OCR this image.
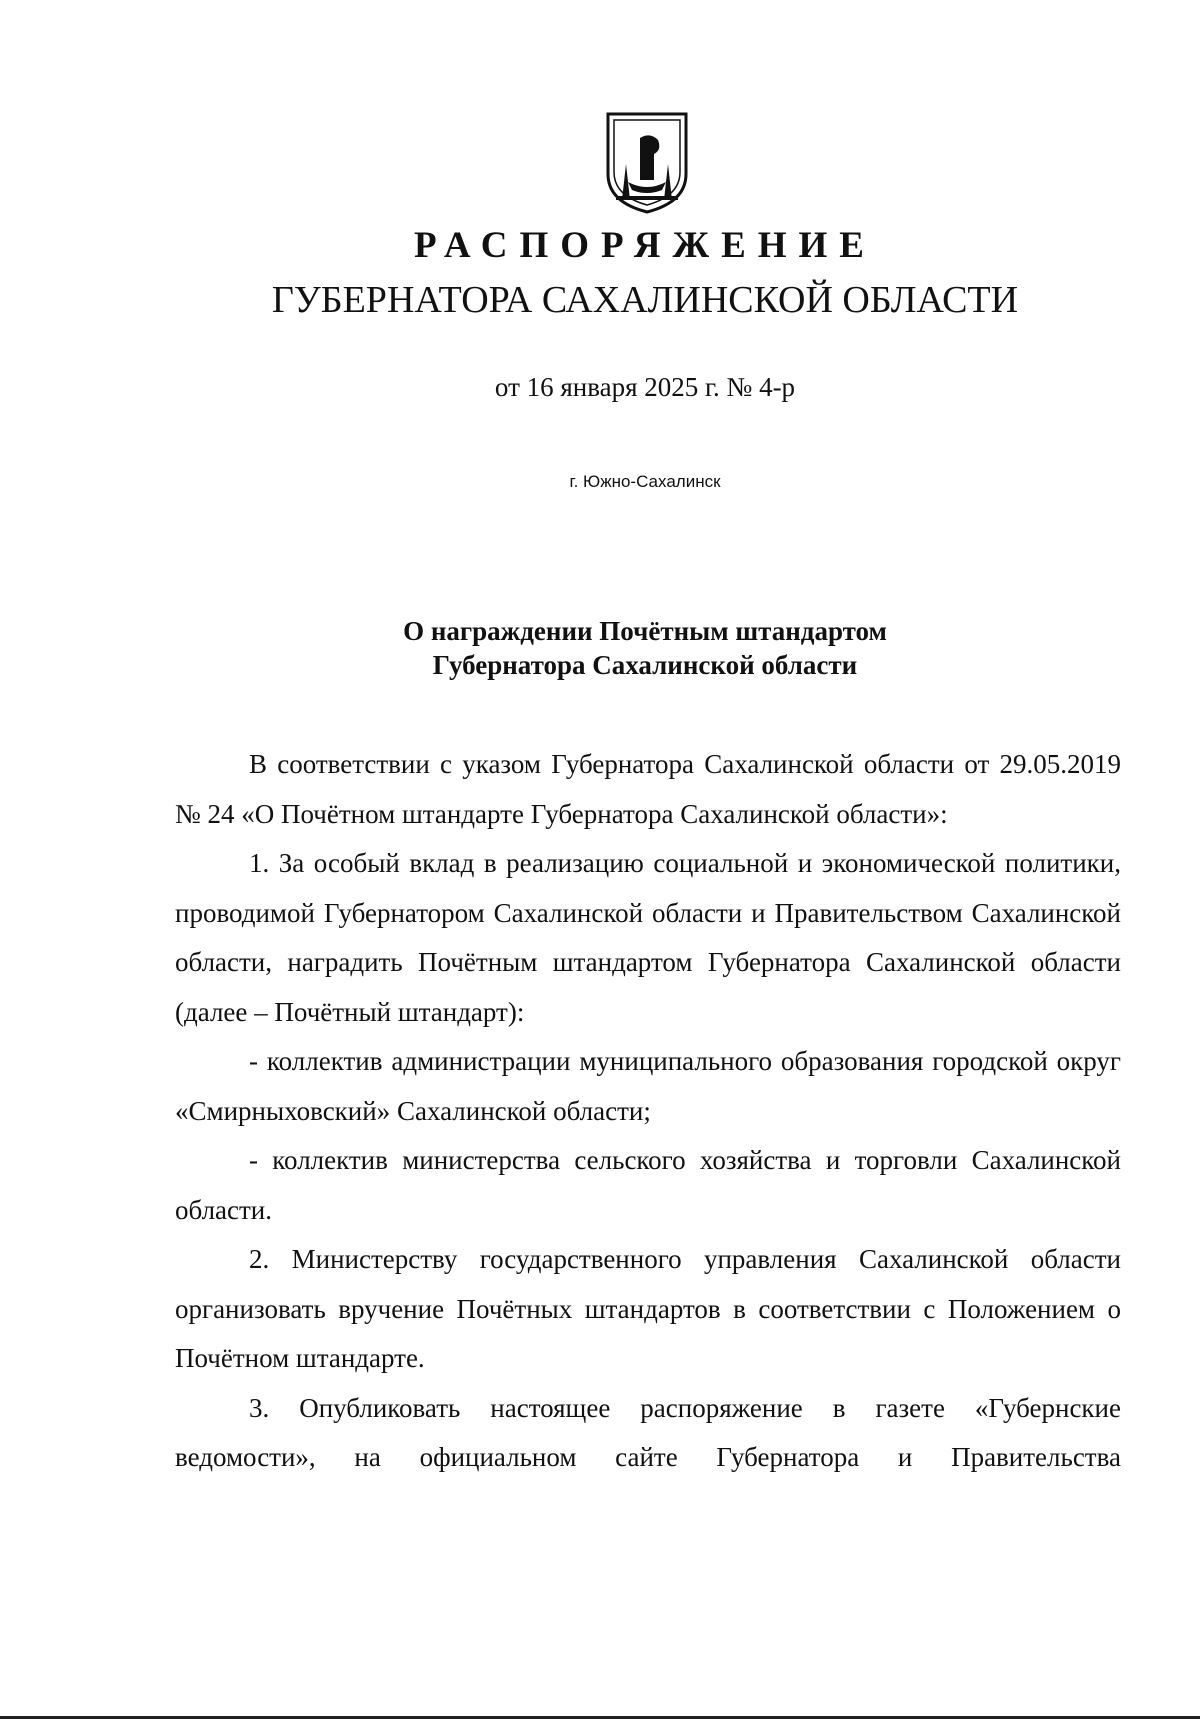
РАСПОРЯЖЕНИЕ
ГУБЕРНАТОРА САХАЛИНСКОЙ ОБЛАСТИ
от 16 января 2025 г. № 4-р
г. Южно-Сахалинск
О награждении Почётным штандартом
Губернатора Сахалинской области

В соответствии с указом Губернатора Сахалинской области от 29.05.2019 № 24 «О Почётном штандарте Губернатора Сахалинской области»:

1. За особый вклад в реализацию социальной и экономической политики, проводимой Губернатором Сахалинской области и Правительством Сахалинской области, наградить Почётным штандартом Губернатора Сахалинской области (далее – Почётный штандарт):

- коллектив администрации муниципального образования городской округ «Смирныховский» Сахалинской области;

- коллектив министерства сельского хозяйства и торговли Сахалинской области.

2. Министерству государственного управления Сахалинской области организовать вручение Почётных штандартов в соответствии с Положением о Почётном штандарте.

3. Опубликовать настоящее распоряжение в газете «Губернские ведомости», на официальном сайте Губернатора и Правительства
